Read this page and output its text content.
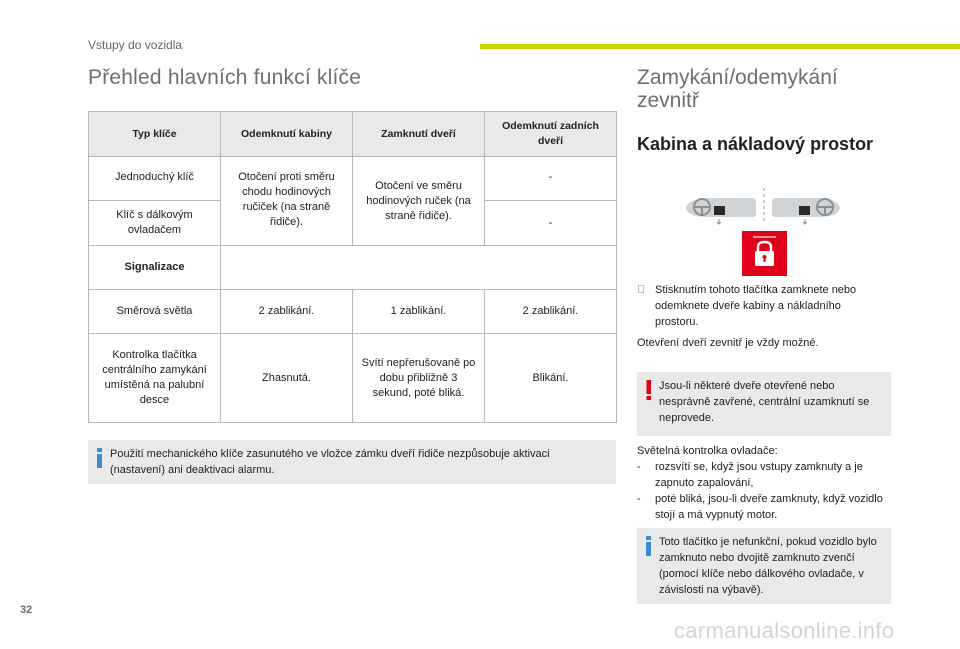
Vstupy do vozidla
Přehled hlavních funkcí klíče
Typ klíče	Odemknutí kabiny	Zamknutí dveří	Odemknutí zadních dveří
Jednoduchý klíč	Otočení proti směru chodu hodinových ručiček (na straně řidiče).	Otočení ve směru hodinových ruček (na straně řidiče).	-
Klíč s dálkovým ovladačem			-
Signalizace			
Směrová světla	2 zablikání.	1 zablikání.	2 zablikání.
Kontrolka tlačítka centrálního zamykání umístěná na palubní desce	Zhasnutá.	Svítí nepřerušovaně po dobu přibližně 3 sekund, poté bliká.	Blikání.
Použití mechanického klíče zasunutého ve vložce zámku dveří řidiče nezpůsobuje aktivaci (nastavení) ani deaktivaci alarmu.
Zamykání/odemykání zevnitř
Kabina a nákladový prostor
Stisknutím tohoto tlačítka zamknete nebo odemknete dveře kabiny a nákladního prostoru.
Otevření dveří zevnitř je vždy možné.
Jsou-li některé dveře otevřené nebo nesprávně zavřené, centrální uzamknutí se neprovede.
Světelná kontrolka ovladače:
- rozsvítí se, když jsou vstupy zamknuty a je zapnuto zapalování,
- poté bliká, jsou-li dveře zamknuty, když vozidlo stojí a má vypnutý motor.
Toto tlačítko je nefunkční, pokud vozidlo bylo zamknuto nebo dvojitě zamknuto zvenčí (pomocí klíče nebo dálkového ovladače, v závislosti na výbavě).
32
carmanualsonline.info
